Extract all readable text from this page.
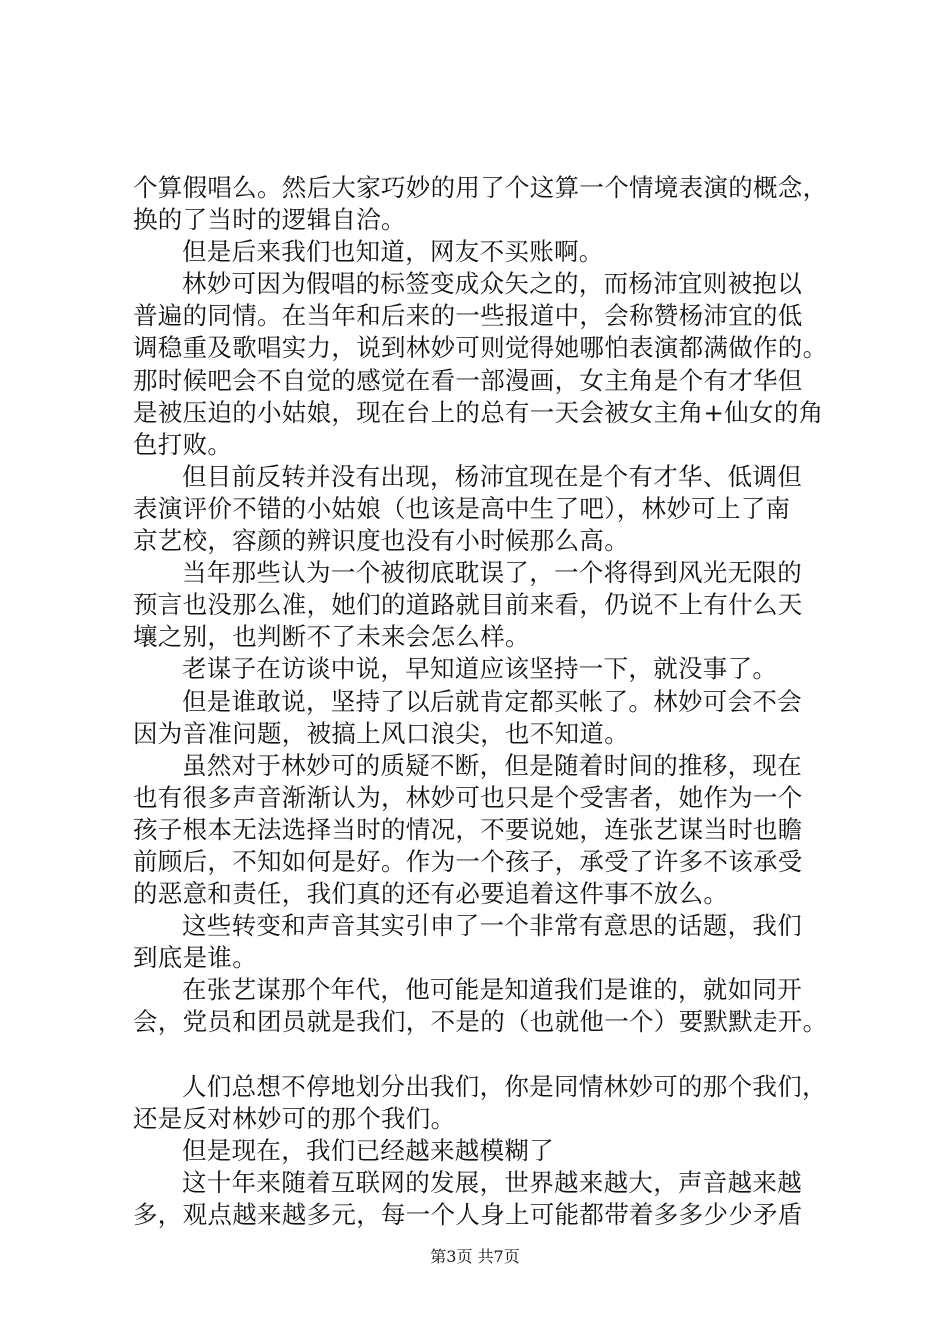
个算假唱么。然后大家巧妙的用了个这算一个情境表演的概念，
换的了当时的逻辑自洽。
但是后来我们也知道，网友不买账啊。
林妙可因为假唱的标签变成众矢之的，而杨沛宜则被抱以
普遍的同情。在当年和后来的一些报道中，会称赞杨沛宜的低
调稳重及歌唱实力，说到林妙可则觉得她哪怕表演都满做作的。
那时候吧会不自觉的感觉在看一部漫画，女主角是个有才华但
是被压迫的小姑娘，现在台上的总有一天会被女主角+仙女的角
色打败。
但目前反转并没有出现，杨沛宜现在是个有才华、低调但
表演评价不错的小姑娘（也该是高中生了吧），林妙可上了南
京艺校，容颜的辨识度也没有小时候那么高。
当年那些认为一个被彻底耽误了，一个将得到风光无限的
预言也没那么准，她们的道路就目前来看，仍说不上有什么天
壤之别，也判断不了未来会怎么样。
老谋子在访谈中说，早知道应该坚持一下，就没事了。
但是谁敢说，坚持了以后就肯定都买帐了。林妙可会不会
因为音准问题，被搞上风口浪尖，也不知道。
虽然对于林妙可的质疑不断，但是随着时间的推移，现在
也有很多声音渐渐认为，林妙可也只是个受害者，她作为一个
孩子根本无法选择当时的情况，不要说她，连张艺谋当时也瞻
前顾后，不知如何是好。作为一个孩子，承受了许多不该承受
的恶意和责任，我们真的还有必要追着这件事不放么。
这些转变和声音其实引申了一个非常有意思的话题，我们
到底是谁。
在张艺谋那个年代，他可能是知道我们是谁的，就如同开
会，党员和团员就是我们，不是的（也就他一个）要默默走开。
人们总想不停地划分出我们，你是同情林妙可的那个我们，
还是反对林妙可的那个我们。
但是现在，我们已经越来越模糊了
这十年来随着互联网的发展，世界越来越大，声音越来越
多，观点越来越多元，每一个人身上可能都带着多多少少矛盾
第3页 共7页
